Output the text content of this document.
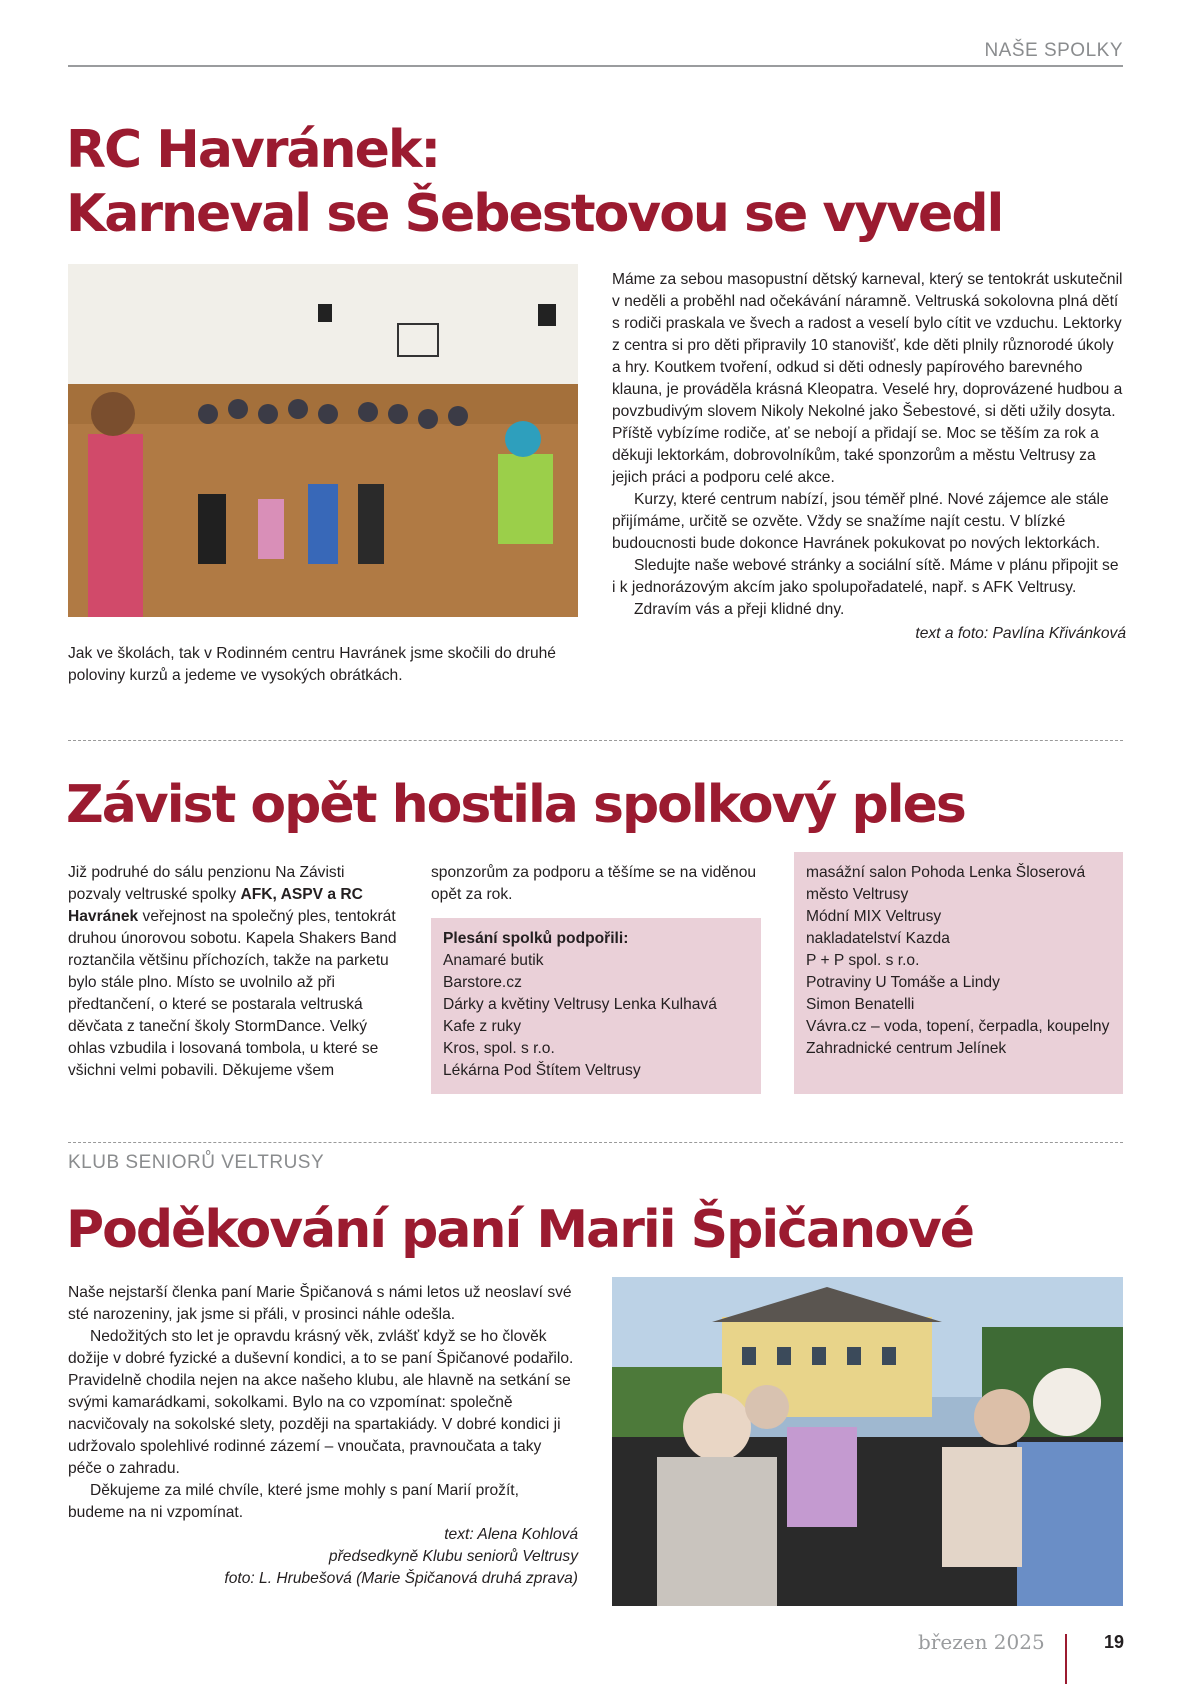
NAŠE SPOLKY
RC Havránek:
Karneval se Šebestovou se vyvedl
Jak ve školách, tak v Rodinném centru Havránek jsme skočili do druhé poloviny kurzů a jedeme ve vysokých obrátkách.

Máme za sebou masopustní dětský karneval, který se tentokrát uskutečnil v neděli a proběhl nad očekávání náramně. Veltruská sokolovna plná dětí s rodiči praskala ve švech a radost a veselí bylo cítit ve vzduchu. Lektorky z centra si pro děti připravily 10 stanovišť, kde děti plnily různorodé úkoly a hry. Koutkem tvoření, odkud si děti odnesly papírového barevného klauna, je prováděla krásná Kleopatra. Veselé hry, doprovázené hudbou a povzbudivým slovem Nikoly Nekolné jako Šebestové, si děti užily dosyta. Příště vybízíme rodiče, ať se nebojí a přidají se. Moc se těším za rok a děkuji lektorkám, dobrovolníkům, také sponzorům a městu Veltrusy za jejich práci a podporu celé akce.

Kurzy, které centrum nabízí, jsou téměř plné. Nové zájemce ale stále přijímáme, určitě se ozvěte. Vždy se snažíme najít cestu. V blízké budoucnosti bude dokonce Havránek pokukovat po nových lektorkách.

Sledujte naše webové stránky a sociální sítě. Máme v plánu připojit se i k jednorázovým akcím jako spolupořadatelé, např. s AFK Veltrusy.

Zdravím vás a přeji klidné dny.

text a foto: Pavlína Křivánková

Závist opět hostila spolkový ples

Již podruhé do sálu penzionu Na Závisti pozvaly veltruské spolky AFK, ASPV a RC Havránek veřejnost na společný ples, tentokrát druhou únorovou sobotu. Kapela Shakers Band roztančila většinu příchozích, takže na parketu bylo stále plno. Místo se uvolnilo až při předtančení, o které se postarala veltruská děvčata z taneční školy StormDance. Velký ohlas vzbudila i losovaná tombola, u které se všichni velmi pobavili. Děkujeme všem

sponzorům za podporu a těšíme se na viděnou opět za rok.
Plesání spolků podpořili:
Anamaré butik
Barstore.cz
Dárky a květiny Veltrusy Lenka Kulhavá
Kafe z ruky
Kros, spol. s r.o.
Lékárna Pod Štítem Veltrusy
masážní salon Pohoda Lenka Šloserová
město Veltrusy
Módní MIX Veltrusy
nakladatelství Kazda
P + P spol. s r.o.
Potraviny U Tomáše a Lindy
Simon Benatelli
Vávra.cz – voda, topení, čerpadla, koupelny
Zahradnické centrum Jelínek
KLUB SENIORŮ VELTRUSY
Poděkování paní Marii Špičanové

Naše nejstarší členka paní Marie Špičanová s námi letos už neoslaví své sté narozeniny, jak jsme si přáli, v prosinci náhle odešla.

Nedožitých sto let je opravdu krásný věk, zvlášť když se ho člověk dožije v dobré fyzické a duševní kondici, a to se paní Špičanové podařilo. Pravidelně chodila nejen na akce našeho klubu, ale hlavně na setkání se svými kamarádkami, sokolkami. Bylo na co vzpomínat: společně nacvičovaly na sokolské slety, později na spartakiády. V dobré kondici ji udržovalo spolehlivé rodinné zázemí – vnoučata, pravnoučata a taky péče o zahradu.

Děkujeme za milé chvíle, které jsme mohly s paní Marií prožít, budeme na ni vzpomínat.

text: Alena Kohlová

předsedkyně Klubu seniorů Veltrusy

foto: L. Hrubešová (Marie Špičanová druhá zprava)

březen 2025	19
